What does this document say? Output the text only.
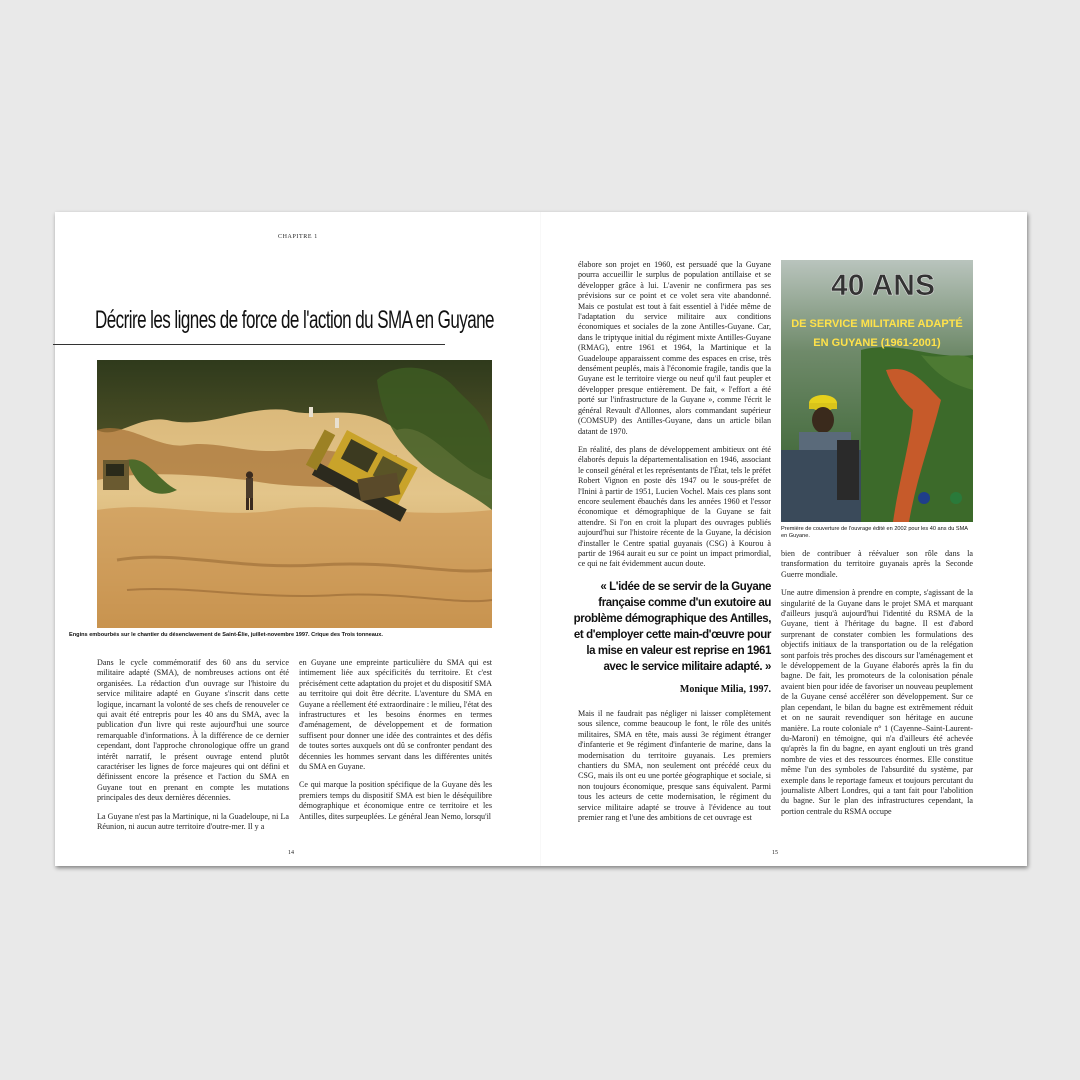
CHAPITRE 1
Décrire les lignes de force de l'action du SMA en Guyane
Engins embourbés sur le chantier du désenclavement de Saint-Élie, juillet-novembre 1997. Crique des Trois tonneaux.

Dans le cycle commémoratif des 60 ans du service militaire adapté (SMA), de nombreuses actions ont été organisées. La rédaction d'un ouvrage sur l'histoire du service militaire adapté en Guyane s'inscrit dans cette logique, incarnant la volonté de ses chefs de renouveler ce qui avait été entrepris pour les 40 ans du SMA, avec la publication d'un livre qui reste aujourd'hui une source remarquable d'informations. À la différence de ce dernier cependant, dont l'approche chronologique offre un grand intérêt narratif, le présent ouvrage entend plutôt caractériser les lignes de force majeures qui ont défini et définissent encore la présence et l'action du SMA en Guyane tout en prenant en compte les mutations principales des deux dernières décennies.

La Guyane n'est pas la Martinique, ni la Guadeloupe, ni La Réunion, ni aucun autre territoire d'outre-mer. Il y a

en Guyane une empreinte particulière du SMA qui est intimement liée aux spécificités du territoire. Et c'est précisément cette adaptation du projet et du dispositif SMA au territoire qui doit être décrite. L'aventure du SMA en Guyane a réellement été extraordinaire : le milieu, l'état des infrastructures et les besoins énormes en termes d'aménagement, de développement et de formation suffisent pour donner une idée des contraintes et des défis de toutes sortes auxquels ont dû se confronter pendant des décennies les hommes servant dans les différentes unités du SMA en Guyane.

Ce qui marque la position spécifique de la Guyane dès les premiers temps du dispositif SMA est bien le déséquilibre démographique et économique entre ce territoire et les Antilles, dites surpeuplées. Le général Jean Nemo, lorsqu'il

14

élabore son projet en 1960, est persuadé que la Guyane pourra accueillir le surplus de population antillaise et se développer grâce à lui. L'avenir ne confirmera pas ses prévisions sur ce point et ce volet sera vite abandonné. Mais ce postulat est tout à fait essentiel à l'idée même de l'adaptation du service militaire aux conditions économiques et sociales de la zone Antilles-Guyane. Car, dans le triptyque initial du régiment mixte Antilles-Guyane (RMAG), entre 1961 et 1964, la Martinique et la Guadeloupe apparaissent comme des espaces en crise, très densément peuplés, mais à l'économie fragile, tandis que la Guyane est le territoire vierge ou neuf qu'il faut peupler et développer presque entièrement. De fait, « l'effort a été porté sur l'infrastructure de la Guyane », comme l'écrit le général Revault d'Allonnes, alors commandant supérieur (COMSUP) des Antilles-Guyane, dans un article bilan datant de 1970.

En réalité, des plans de développement ambitieux ont été élaborés depuis la départementalisation en 1946, associant le conseil général et les représentants de l'État, tels le préfet Robert Vignon en poste dès 1947 ou le sous-préfet de l'Inini à partir de 1951, Lucien Vochel. Mais ces plans sont encore seulement ébauchés dans les années 1960 et l'essor économique et démographique de la Guyane se fait attendre. Si l'on en croit la plupart des ouvrages publiés aujourd'hui sur l'histoire récente de la Guyane, la décision d'installer le Centre spatial guyanais (CSG) à Kourou à partir de 1964 aurait eu sur ce point un impact primordial, ce qui ne fait évidemment aucun doute.

« L'idée de se servir de la Guyane française comme d'un exutoire au problème démographique des Antilles, et d'employer cette main-d'œuvre pour la mise en valeur est reprise en 1961 avec le service militaire adapté. »
Monique Milia, 1997.

Mais il ne faudrait pas négliger ni laisser complètement sous silence, comme beaucoup le font, le rôle des unités militaires, SMA en tête, mais aussi 3e régiment étranger d'infanterie et 9e régiment d'infanterie de marine, dans la modernisation du territoire guyanais. Les premiers chantiers du SMA, non seulement ont précédé ceux du CSG, mais ils ont eu une portée géographique et sociale, si non toujours économique, presque sans équivalent. Parmi tous les acteurs de cette modernisation, le régiment du service militaire adapté se trouve à l'évidence au tout premier rang et l'une des ambitions de cet ouvrage est

40 ANS
DE SERVICE MILITAIRE ADAPTÉ
EN GUYANE (1961-2001)
Première de couverture de l'ouvrage édité en 2002 pour les 40 ans du SMA en Guyane.

bien de contribuer à réévaluer son rôle dans la transformation du territoire guyanais après la Seconde Guerre mondiale.

Une autre dimension à prendre en compte, s'agissant de la singularité de la Guyane dans le projet SMA et marquant d'ailleurs jusqu'à aujourd'hui l'identité du RSMA de la Guyane, tient à l'héritage du bagne. Il est d'abord surprenant de constater combien les formulations des objectifs initiaux de la transportation ou de la relégation sont parfois très proches des discours sur l'aménagement et le développement de la Guyane élaborés après la fin du bagne. De fait, les promoteurs de la colonisation pénale avaient bien pour idée de favoriser un nouveau peuplement de la Guyane censé accélérer son développement. Sur ce plan cependant, le bilan du bagne est extrêmement réduit et on ne saurait revendiquer son héritage en aucune manière. La route coloniale n° 1 (Cayenne–Saint-Laurent-du-Maroni) en témoigne, qui n'a d'ailleurs été achevée qu'après la fin du bagne, en ayant englouti un très grand nombre de vies et des ressources énormes. Elle constitue même l'un des symboles de l'absurdité du système, par exemple dans le reportage fameux et toujours percutant du journaliste Albert Londres, qui a tant fait pour l'abolition du bagne. Sur le plan des infrastructures cependant, la portion centrale du RSMA occupe

15
